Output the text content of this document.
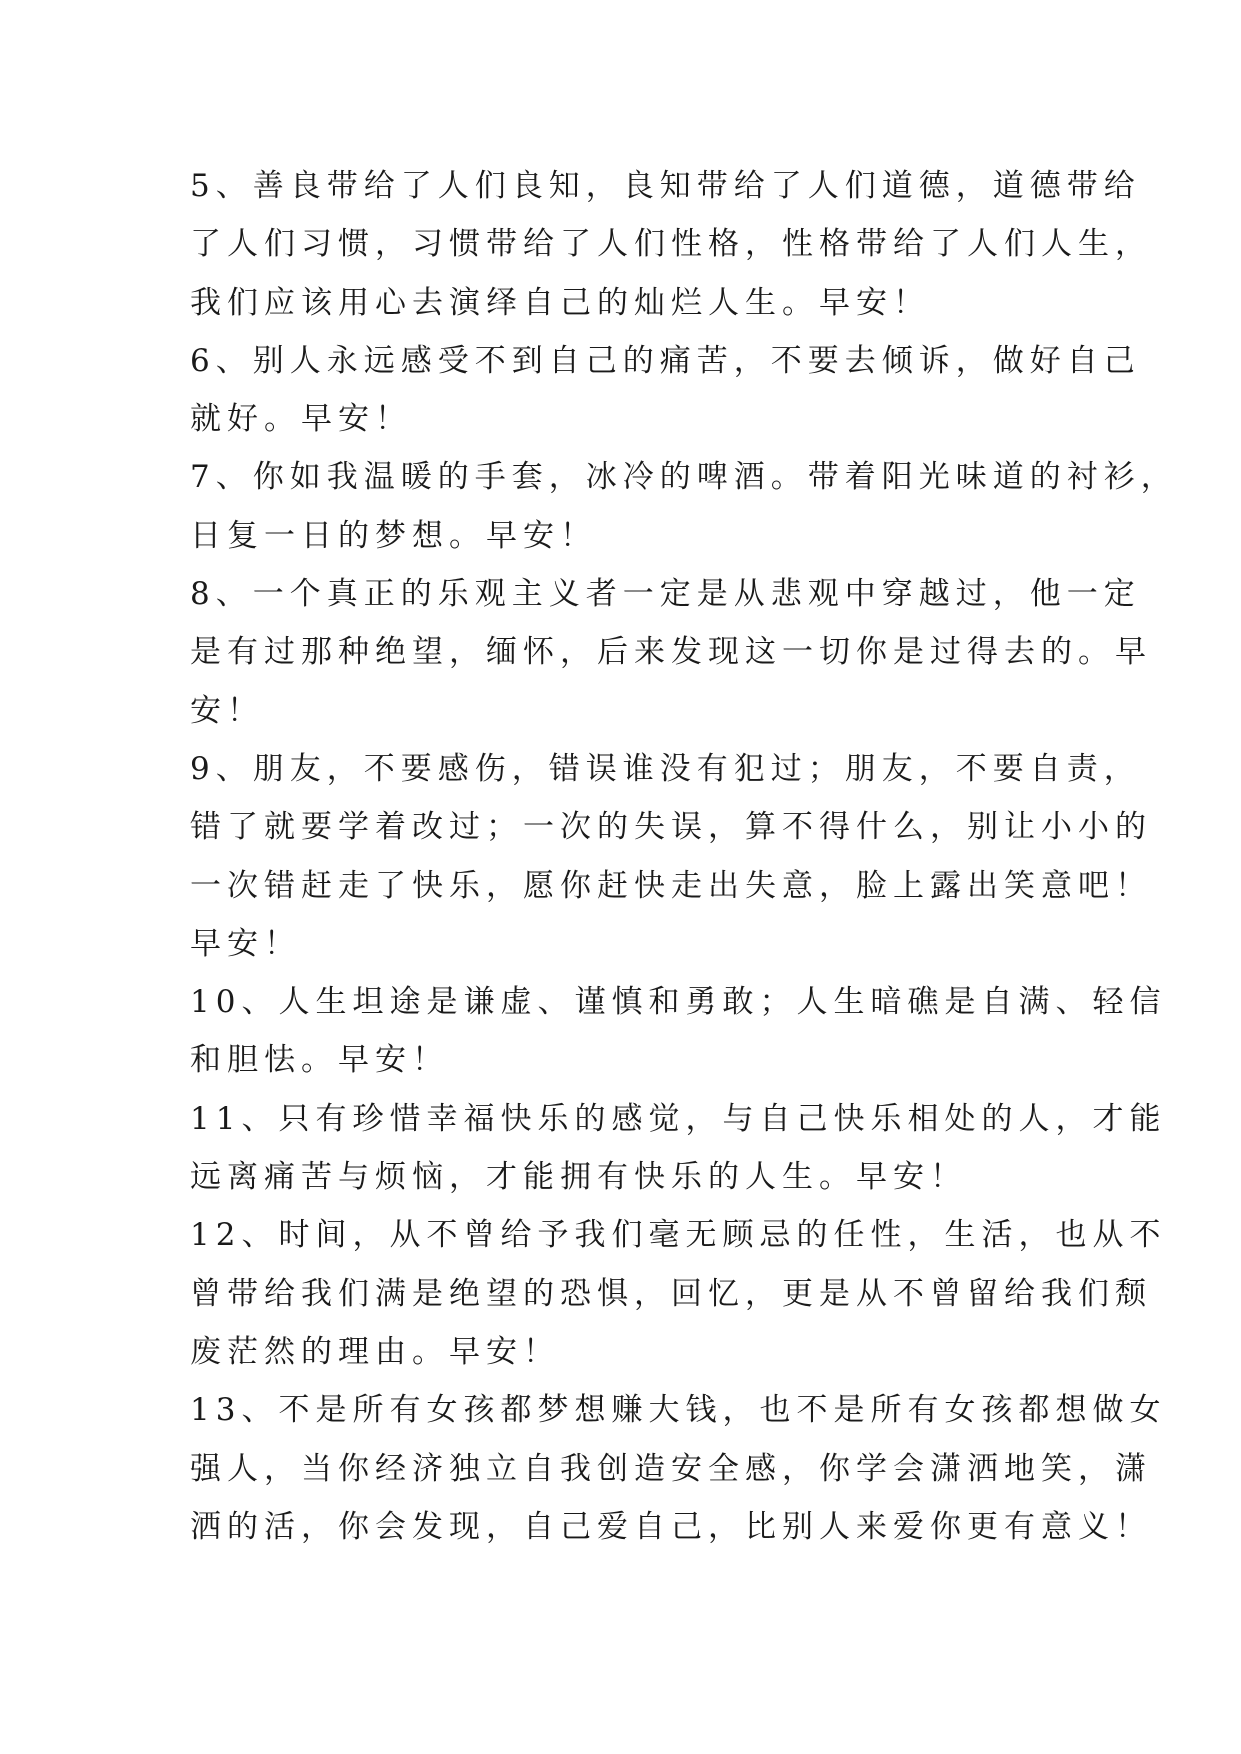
5、善良带给了人们良知，良知带给了人们道德，道德带给
了人们习惯，习惯带给了人们性格，性格带给了人们人生，
我们应该用心去演绎自己的灿烂人生。早安！

6、别人永远感受不到自己的痛苦，不要去倾诉，做好自己
就好。早安！

7、你如我温暖的手套，冰冷的啤酒。带着阳光味道的衬衫，
日复一日的梦想。早安！

8、一个真正的乐观主义者一定是从悲观中穿越过，他一定
是有过那种绝望，缅怀，后来发现这一切你是过得去的。早
安！

9、朋友，不要感伤，错误谁没有犯过；朋友，不要自责，
错了就要学着改过；一次的失误，算不得什么，别让小小的
一次错赶走了快乐，愿你赶快走出失意，脸上露出笑意吧！
早安！

10、人生坦途是谦虚、谨慎和勇敢；人生暗礁是自满、轻信
和胆怯。早安！

11、只有珍惜幸福快乐的感觉，与自己快乐相处的人，才能
远离痛苦与烦恼，才能拥有快乐的人生。早安！

12、时间，从不曾给予我们毫无顾忌的任性，生活，也从不
曾带给我们满是绝望的恐惧，回忆，更是从不曾留给我们颓
废茫然的理由。早安！

13、不是所有女孩都梦想赚大钱，也不是所有女孩都想做女
强人，当你经济独立自我创造安全感，你学会潇洒地笑，潇
洒的活，你会发现，自己爱自己，比别人来爱你更有意义！
